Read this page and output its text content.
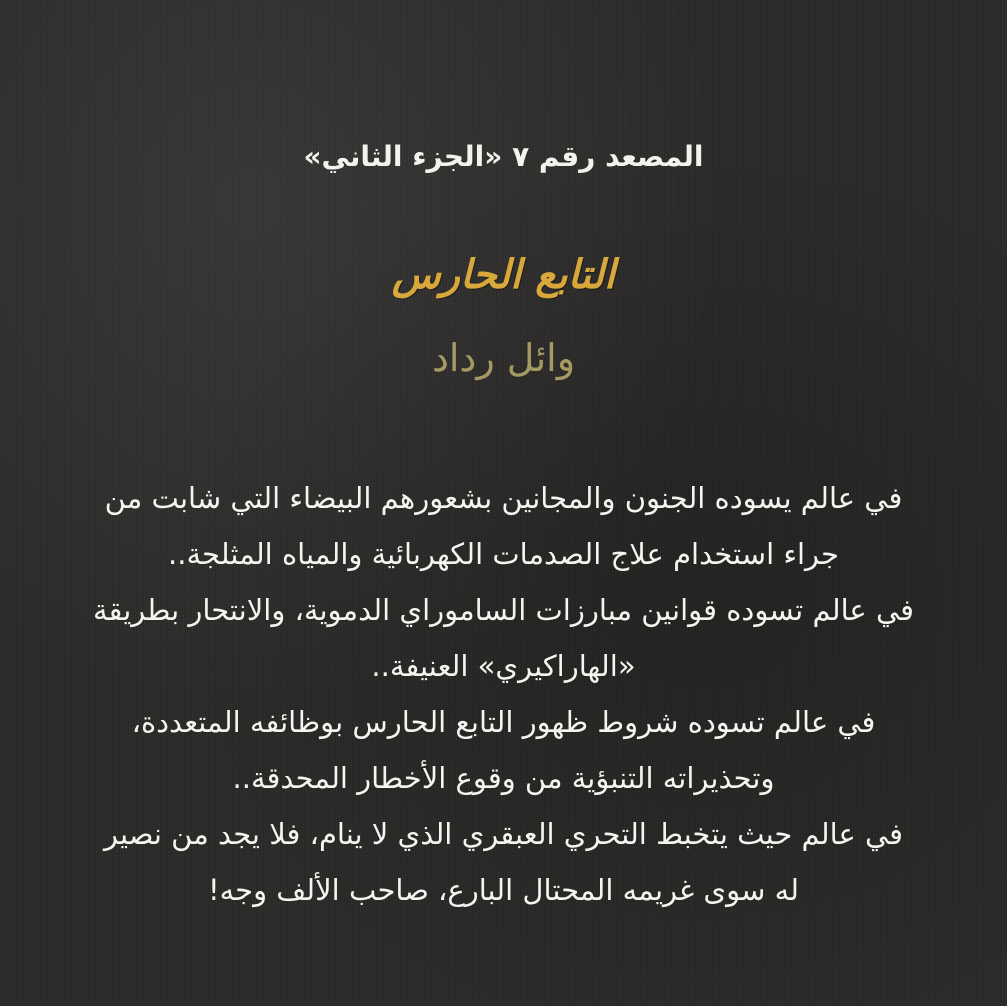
المصعد رقم ٧ «الجزء الثاني»
التابع الحارس
وائل رداد
في عالم يسوده الجنون والمجانين بشعورهم البيضاء التي شابت من
جراء استخدام علاج الصدمات الكهربائية والمياه المثلجة..
في عالم تسوده قوانين مبارزات الساموراي الدموية، والانتحار بطريقة
«الهاراكيري» العنيفة..
في عالم تسوده شروط ظهور التابع الحارس بوظائفه المتعددة،
وتحذيراته التنبؤية من وقوع الأخطار المحدقة..
في عالم حيث يتخبط التحري العبقري الذي لا ينام، فلا يجد من نصير
له سوى غريمه المحتال البارع، صاحب الألف وجه!
